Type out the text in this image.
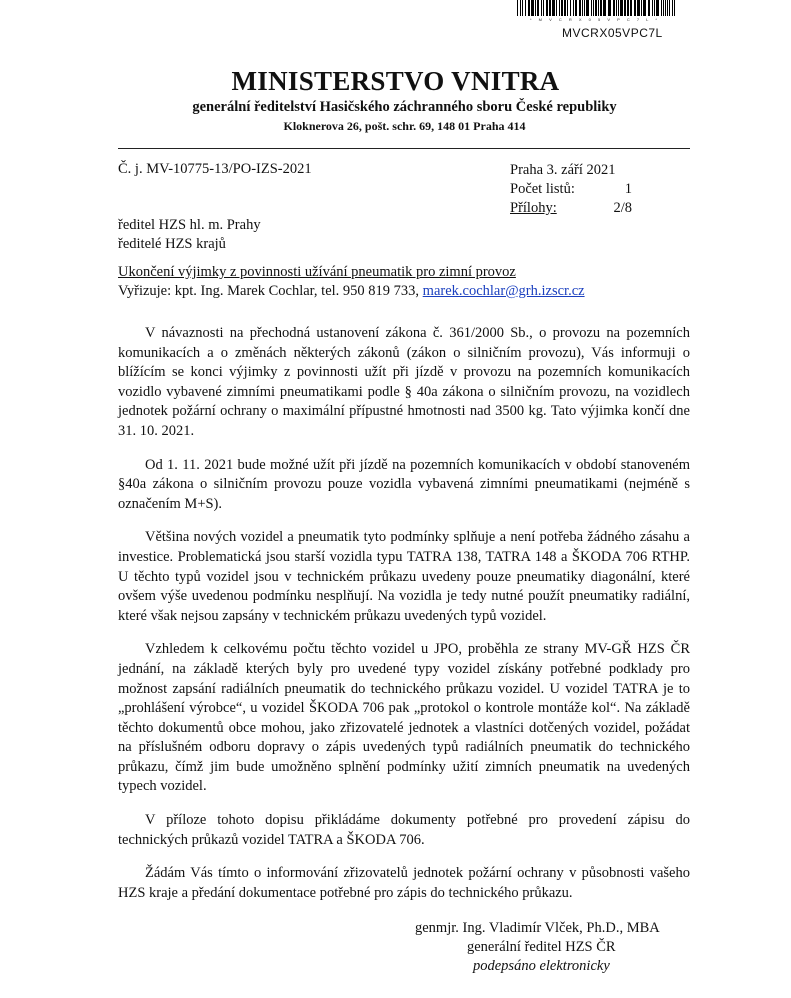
* M V C R X 0 5 V P C 7 L *
MVCRX05VPC7L
MINISTERSTVO VNITRA
generální ředitelství Hasičského záchranného sboru České republiky
Kloknerova 26, pošt. schr. 69, 148 01 Praha 414
Č. j. MV-10775-13/PO-IZS-2021	Praha 3. září 2021
Počet listů:	1
Přílohy:	2/8
ředitel HZS hl. m. Prahy
ředitelé HZS krajů
Ukončení výjimky z povinnosti užívání pneumatik pro zimní provoz
Vyřizuje: kpt. Ing. Marek Cochlar, tel. 950 819 733, marek.cochlar@grh.izscr.cz

V návaznosti na přechodná ustanovení zákona č. 361/2000 Sb., o provozu na pozemních komunikacích a o změnách některých zákonů (zákon o silničním provozu), Vás informuji o blížícím se konci výjimky z povinnosti užít při jízdě v provozu na pozemních komunikacích vozidlo vybavené zimními pneumatikami podle § 40a zákona o silničním provozu, na vozidlech jednotek požární ochrany o maximální přípustné hmotnosti nad 3500 kg. Tato výjimka končí dne 31. 10. 2021.

Od 1. 11. 2021 bude možné užít při jízdě na pozemních komunikacích v období stanoveném §40a zákona o silničním provozu pouze vozidla vybavená zimními pneumatikami (nejméně s označením M+S).

Většina nových vozidel a pneumatik tyto podmínky splňuje a není potřeba žádného zásahu a investice. Problematická jsou starší vozidla typu TATRA 138, TATRA 148 a ŠKODA 706 RTHP. U těchto typů vozidel jsou v technickém průkazu uvedeny pouze pneumatiky diagonální, které ovšem výše uvedenou podmínku nesplňují. Na vozidla je tedy nutné použít pneumatiky radiální, které však nejsou zapsány v technickém průkazu uvedených typů vozidel.

Vzhledem k celkovému počtu těchto vozidel u JPO, proběhla ze strany MV-GŘ HZS ČR jednání, na základě kterých byly pro uvedené typy vozidel získány potřebné podklady pro možnost zapsání radiálních pneumatik do technického průkazu vozidel. U vozidel TATRA je to „prohlášení výrobce“, u vozidel ŠKODA 706 pak „protokol o kontrole montáže kol“. Na základě těchto dokumentů obce mohou, jako zřizovatelé jednotek a vlastníci dotčených vozidel, požádat na příslušném odboru dopravy o zápis uvedených typů radiálních pneumatik do technického průkazu, čímž jim bude umožněno splnění podmínky užití zimních pneumatik na uvedených typech vozidel.

V příloze tohoto dopisu přikládáme dokumenty potřebné pro provedení zápisu do technických průkazů vozidel TATRA a ŠKODA 706.

Žádám Vás tímto o informování zřizovatelů jednotek požární ochrany v působnosti vašeho HZS kraje a předání dokumentace potřebné pro zápis do technického průkazu.

genmjr. Ing. Vladimír Vlček, Ph.D., MBA
generální ředitel HZS ČR
podepsáno elektronicky
